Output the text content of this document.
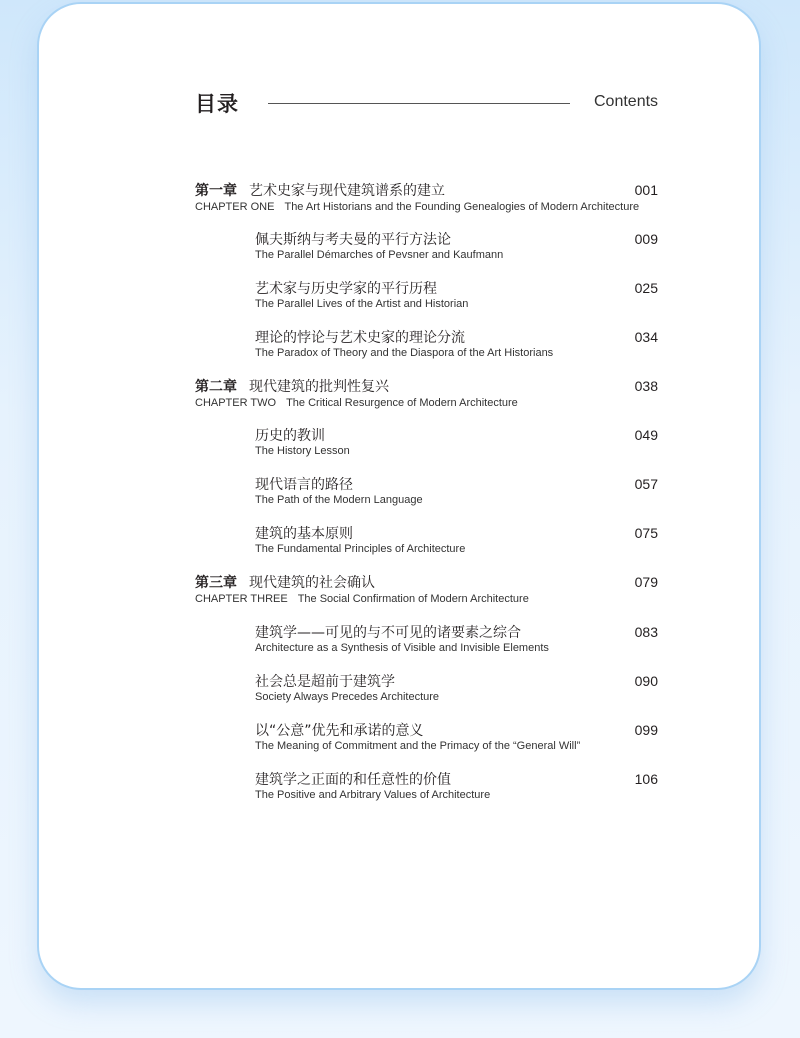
目录	Contents
第一章 艺术史家与现代建筑谱系的建立
CHAPTER ONE The Art Historians and the Founding Genealogies of Modern Architecture
001
佩夫斯纳与考夫曼的平行方法论
The Parallel Démarches of Pevsner and Kaufmann
009
艺术家与历史学家的平行历程
The Parallel Lives of the Artist and Historian
025
理论的悖论与艺术史家的理论分流
The Paradox of Theory and the Diaspora of the Art Historians
034
第二章 现代建筑的批判性复兴
CHAPTER TWO The Critical Resurgence of Modern Architecture
038
历史的教训
The History Lesson
049
现代语言的路径
The Path of the Modern Language
057
建筑的基本原则
The Fundamental Principles of Architecture
075
第三章 现代建筑的社会确认
CHAPTER THREE The Social Confirmation of Modern Architecture
079
建筑学——可见的与不可见的诸要素之综合
Architecture as a Synthesis of Visible and Invisible Elements
083
社会总是超前于建筑学
Society Always Precedes Architecture
090
以“公意”优先和承诺的意义
The Meaning of Commitment and the Primacy of the “General Will”
099
建筑学之正面的和任意性的价值
The Positive and Arbitrary Values of Architecture
106
